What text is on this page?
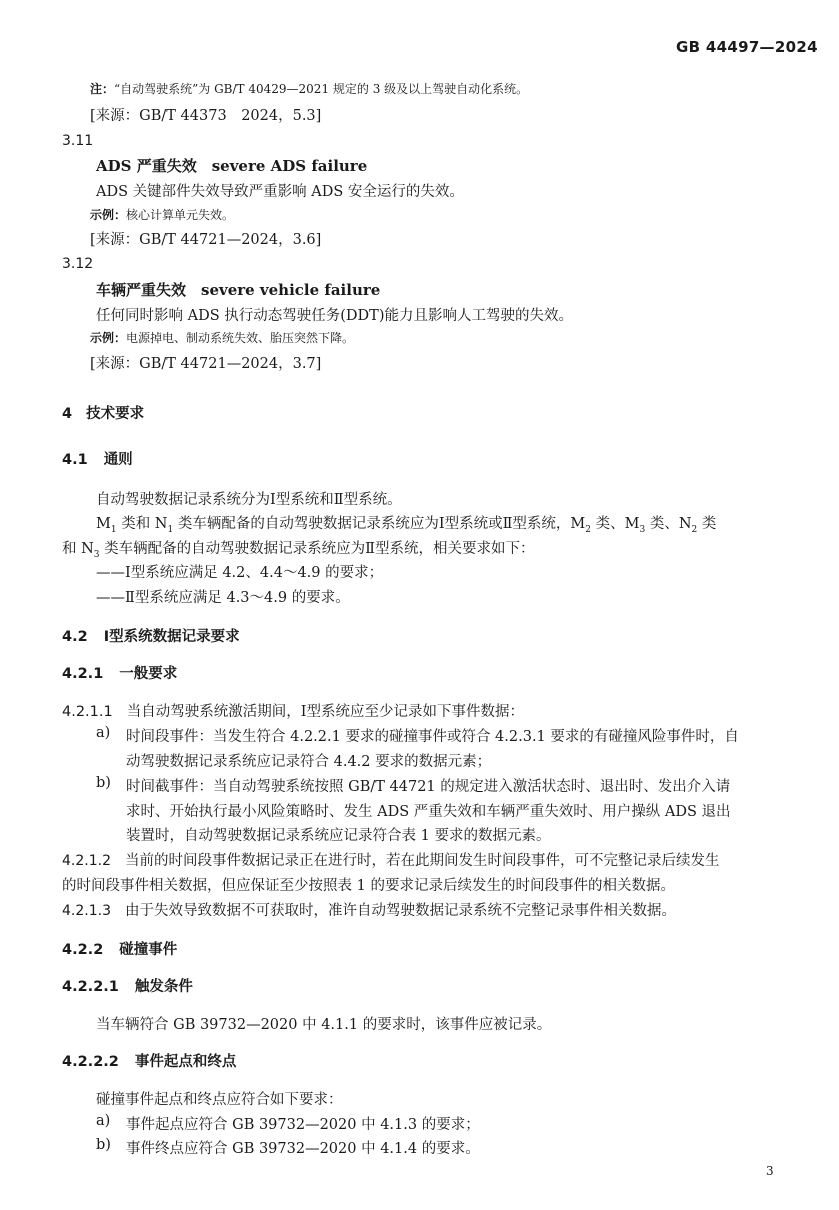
GB 44497—2024
注：“自动驾驶系统”为 GB/T 40429—2021 规定的 3 级及以上驾驶自动化系统。
[来源：GB/T 44373　2024，5.3]
3.11
ADS 严重失效　severe ADS failure
ADS 关键部件失效导致严重影响 ADS 安全运行的失效。
示例：核心计算单元失效。
[来源：GB/T 44721—2024，3.6]
3.12
车辆严重失效　severe vehicle failure
任何同时影响 ADS 执行动态驾驶任务(DDT)能力且影响人工驾驶的失效。
示例：电源掉电、制动系统失效、胎压突然下降。
[来源：GB/T 44721—2024，3.7]
4 技术要求
4.1 通则
自动驾驶数据记录系统分为Ⅰ型系统和Ⅱ型系统。
$M_1$ 类和 $N_1$ 类车辆配备的自动驾驶数据记录系统应为Ⅰ型系统或Ⅱ型系统，$M_2$ 类、$M_3$ 类、$N_2$ 类
和 $N_3$ 类车辆配备的自动驾驶数据记录系统应为Ⅱ型系统，相关要求如下：
——Ⅰ型系统应满足 4.2、4.4～4.9 的要求；
——Ⅱ型系统应满足 4.3～4.9 的要求。
4.2 Ⅰ型系统数据记录要求
4.2.1 一般要求
4.2.1.1 当自动驾驶系统激活期间，Ⅰ型系统应至少记录如下事件数据：
a) 时间段事件：当发生符合 4.2.2.1 要求的碰撞事件或符合 4.2.3.1 要求的有碰撞风险事件时，自
动驾驶数据记录系统应记录符合 4.4.2 要求的数据元素；
b) 时间截事件：当自动驾驶系统按照 GB/T 44721 的规定进入激活状态时、退出时、发出介入请
求时、开始执行最小风险策略时、发生 ADS 严重失效和车辆严重失效时、用户操纵 ADS 退出
装置时，自动驾驶数据记录系统应记录符合表 1 要求的数据元素。
4.2.1.2 当前的时间段事件数据记录正在进行时，若在此期间发生时间段事件，可不完整记录后续发生
的时间段事件相关数据，但应保证至少按照表 1 的要求记录后续发生的时间段事件的相关数据。
4.2.1.3 由于失效导致数据不可获取时，准许自动驾驶数据记录系统不完整记录事件相关数据。
4.2.2 碰撞事件
4.2.2.1 触发条件
当车辆符合 GB 39732—2020 中 4.1.1 的要求时，该事件应被记录。
4.2.2.2 事件起点和终点
碰撞事件起点和终点应符合如下要求：
a) 事件起点应符合 GB 39732—2020 中 4.1.3 的要求；
b) 事件终点应符合 GB 39732—2020 中 4.1.4 的要求。
3
